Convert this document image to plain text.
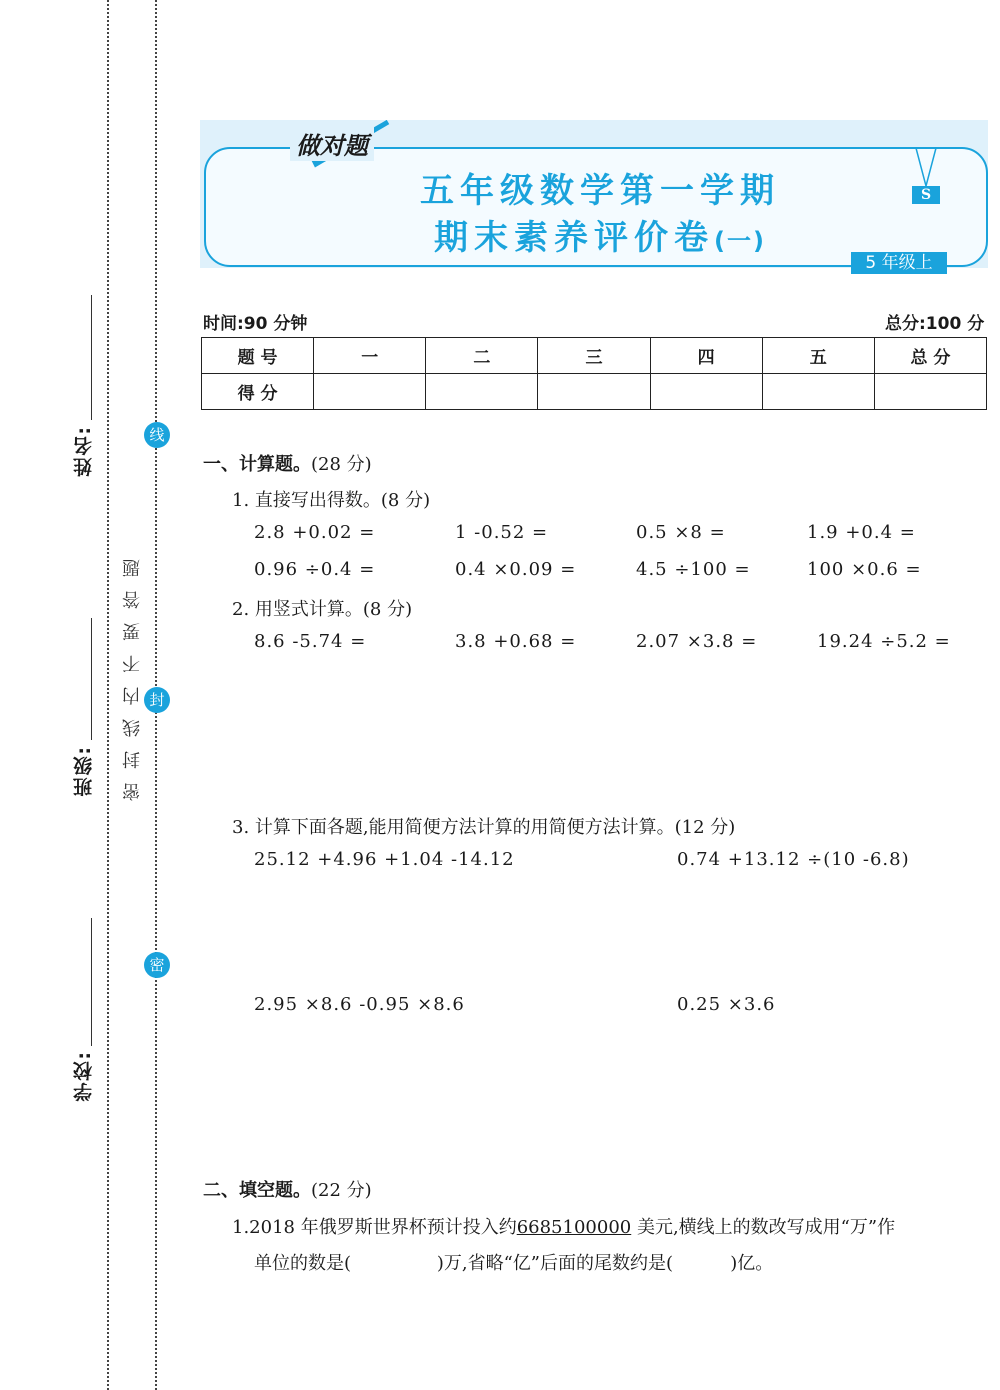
姓名:
班级:
学校:
密封线内不要答题
线
封
密
做对题
五年级数学第一学期
期末素养评价卷(一)
S
5 年级上
时间:90 分钟	总分:100 分
题 号	一	二	三	四	五	总 分
得 分						
一、计算题。(28 分)
1. 直接写出得数。(8 分)
2.8 +0.02 =	1 -0.52 =	0.5 ×8 =	1.9 +0.4 =
0.96 ÷0.4 =	0.4 ×0.09 =	4.5 ÷100 =	100 ×0.6 =
2. 用竖式计算。(8 分)
8.6 -5.74 =	3.8 +0.68 =	2.07 ×3.8 =	19.24 ÷5.2 =
3. 计算下面各题,能用简便方法计算的用简便方法计算。(12 分)
25.12 +4.96 +1.04 -14.12	0.74 +13.12 ÷(10 -6.8)
2.95 ×8.6 -0.95 ×8.6	0.25 ×3.6
二、填空题。(22 分)
1.2018 年俄罗斯世界杯预计投入约6685100000 美元,横线上的数改写成用“万”作
单位的数是(               )万,省略“亿”后面的尾数约是(          )亿。
